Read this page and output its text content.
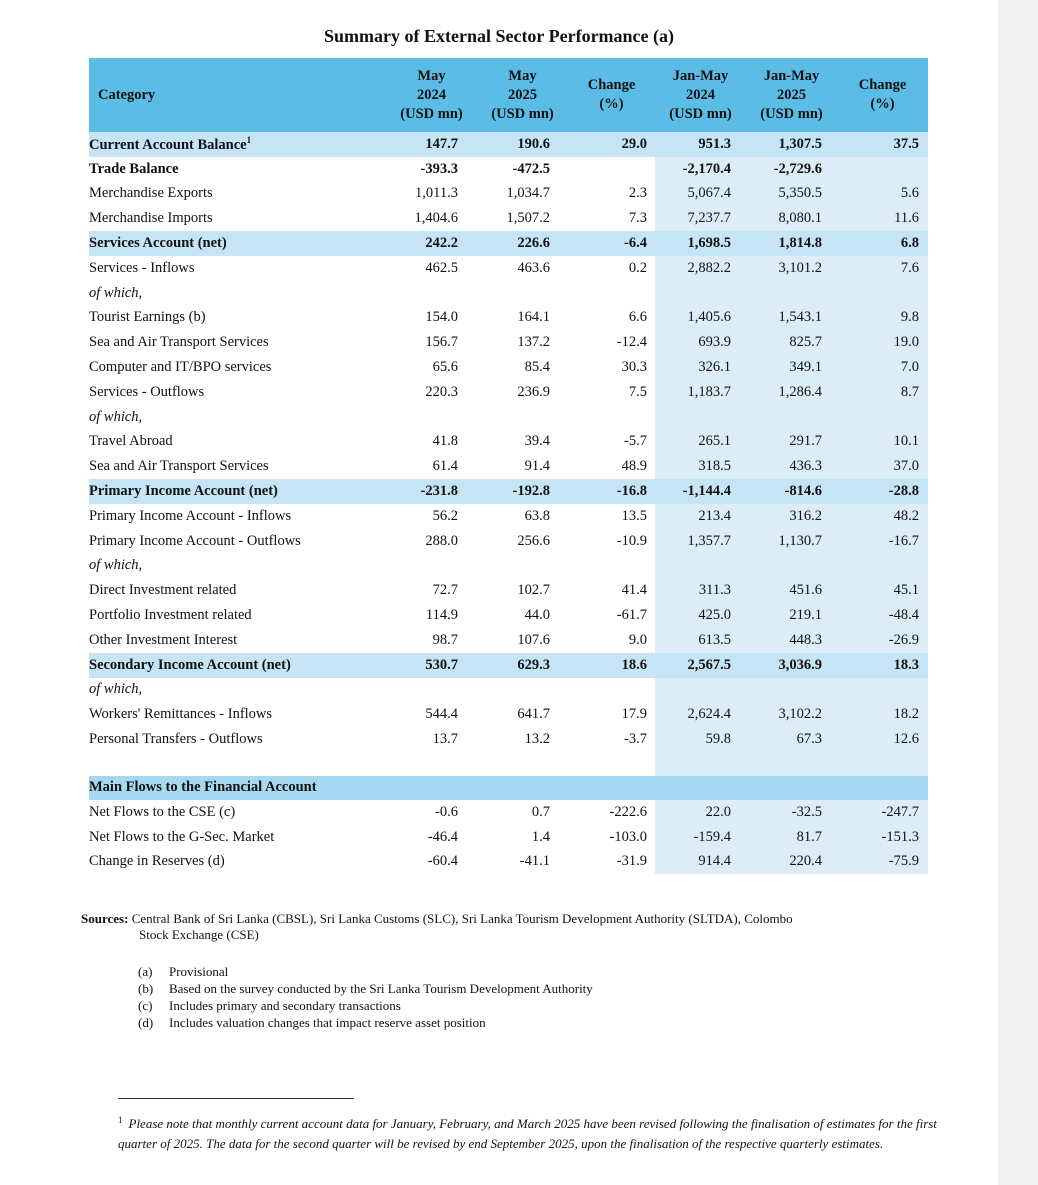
Summary of External Sector Performance (a)
Category	May
2024
(USD mn)	May
2025
(USD mn)	Change
(%)	Jan-May
2024
(USD mn)	Jan-May
2025
(USD mn)	Change
(%)
Current Account Balance$^1$	147.7	190.6	29.0	951.3	1,307.5	37.5
Trade Balance	-393.3	-472.5		-2,170.4	-2,729.6	
Merchandise Exports	1,011.3	1,034.7	2.3	5,067.4	5,350.5	5.6
Merchandise Imports	1,404.6	1,507.2	7.3	7,237.7	8,080.1	11.6
Services Account (net)	242.2	226.6	-6.4	1,698.5	1,814.8	6.8
Services - Inflows	462.5	463.6	0.2	2,882.2	3,101.2	7.6
of which,						
Tourist Earnings (b)	154.0	164.1	6.6	1,405.6	1,543.1	9.8
Sea and Air Transport Services	156.7	137.2	-12.4	693.9	825.7	19.0
Computer and IT/BPO services	65.6	85.4	30.3	326.1	349.1	7.0
Services - Outflows	220.3	236.9	7.5	1,183.7	1,286.4	8.7
of which,						
Travel Abroad	41.8	39.4	-5.7	265.1	291.7	10.1
Sea and Air Transport Services	61.4	91.4	48.9	318.5	436.3	37.0
Primary Income Account (net)	-231.8	-192.8	-16.8	-1,144.4	-814.6	-28.8
Primary Income Account - Inflows	56.2	63.8	13.5	213.4	316.2	48.2
Primary Income Account - Outflows	288.0	256.6	-10.9	1,357.7	1,130.7	-16.7
of which,						
Direct Investment related	72.7	102.7	41.4	311.3	451.6	45.1
Portfolio Investment related	114.9	44.0	-61.7	425.0	219.1	-48.4
Other Investment Interest	98.7	107.6	9.0	613.5	448.3	-26.9
Secondary Income Account (net)	530.7	629.3	18.6	2,567.5	3,036.9	18.3
of which,						
Workers' Remittances - Inflows	544.4	641.7	17.9	2,624.4	3,102.2	18.2
Personal Transfers - Outflows	13.7	13.2	-3.7	59.8	67.3	12.6

Main Flows to the Financial Account						
Net Flows to the CSE (c)	-0.6	0.7	-222.6	22.0	-32.5	-247.7
Net Flows to the G-Sec. Market	-46.4	1.4	-103.0	-159.4	81.7	-151.3
Change in Reserves (d)	-60.4	-41.1	-31.9	914.4	220.4	-75.9
Sources: Central Bank of Sri Lanka (CBSL), Sri Lanka Customs (SLC), Sri Lanka Tourism Development Authority (SLTDA), Colombo
Stock Exchange (CSE)
(a)	Provisional
(b)	Based on the survey conducted by the Sri Lanka Tourism Development Authority
(c)	Includes primary and secondary transactions
(d)	Includes valuation changes that impact reserve asset position
$^1$ Please note that monthly current account data for January, February, and March 2025 have been revised following the finalisation of estimates for the first quarter of 2025. The data for the second quarter will be revised by end September 2025, upon the finalisation of the respective quarterly estimates.
